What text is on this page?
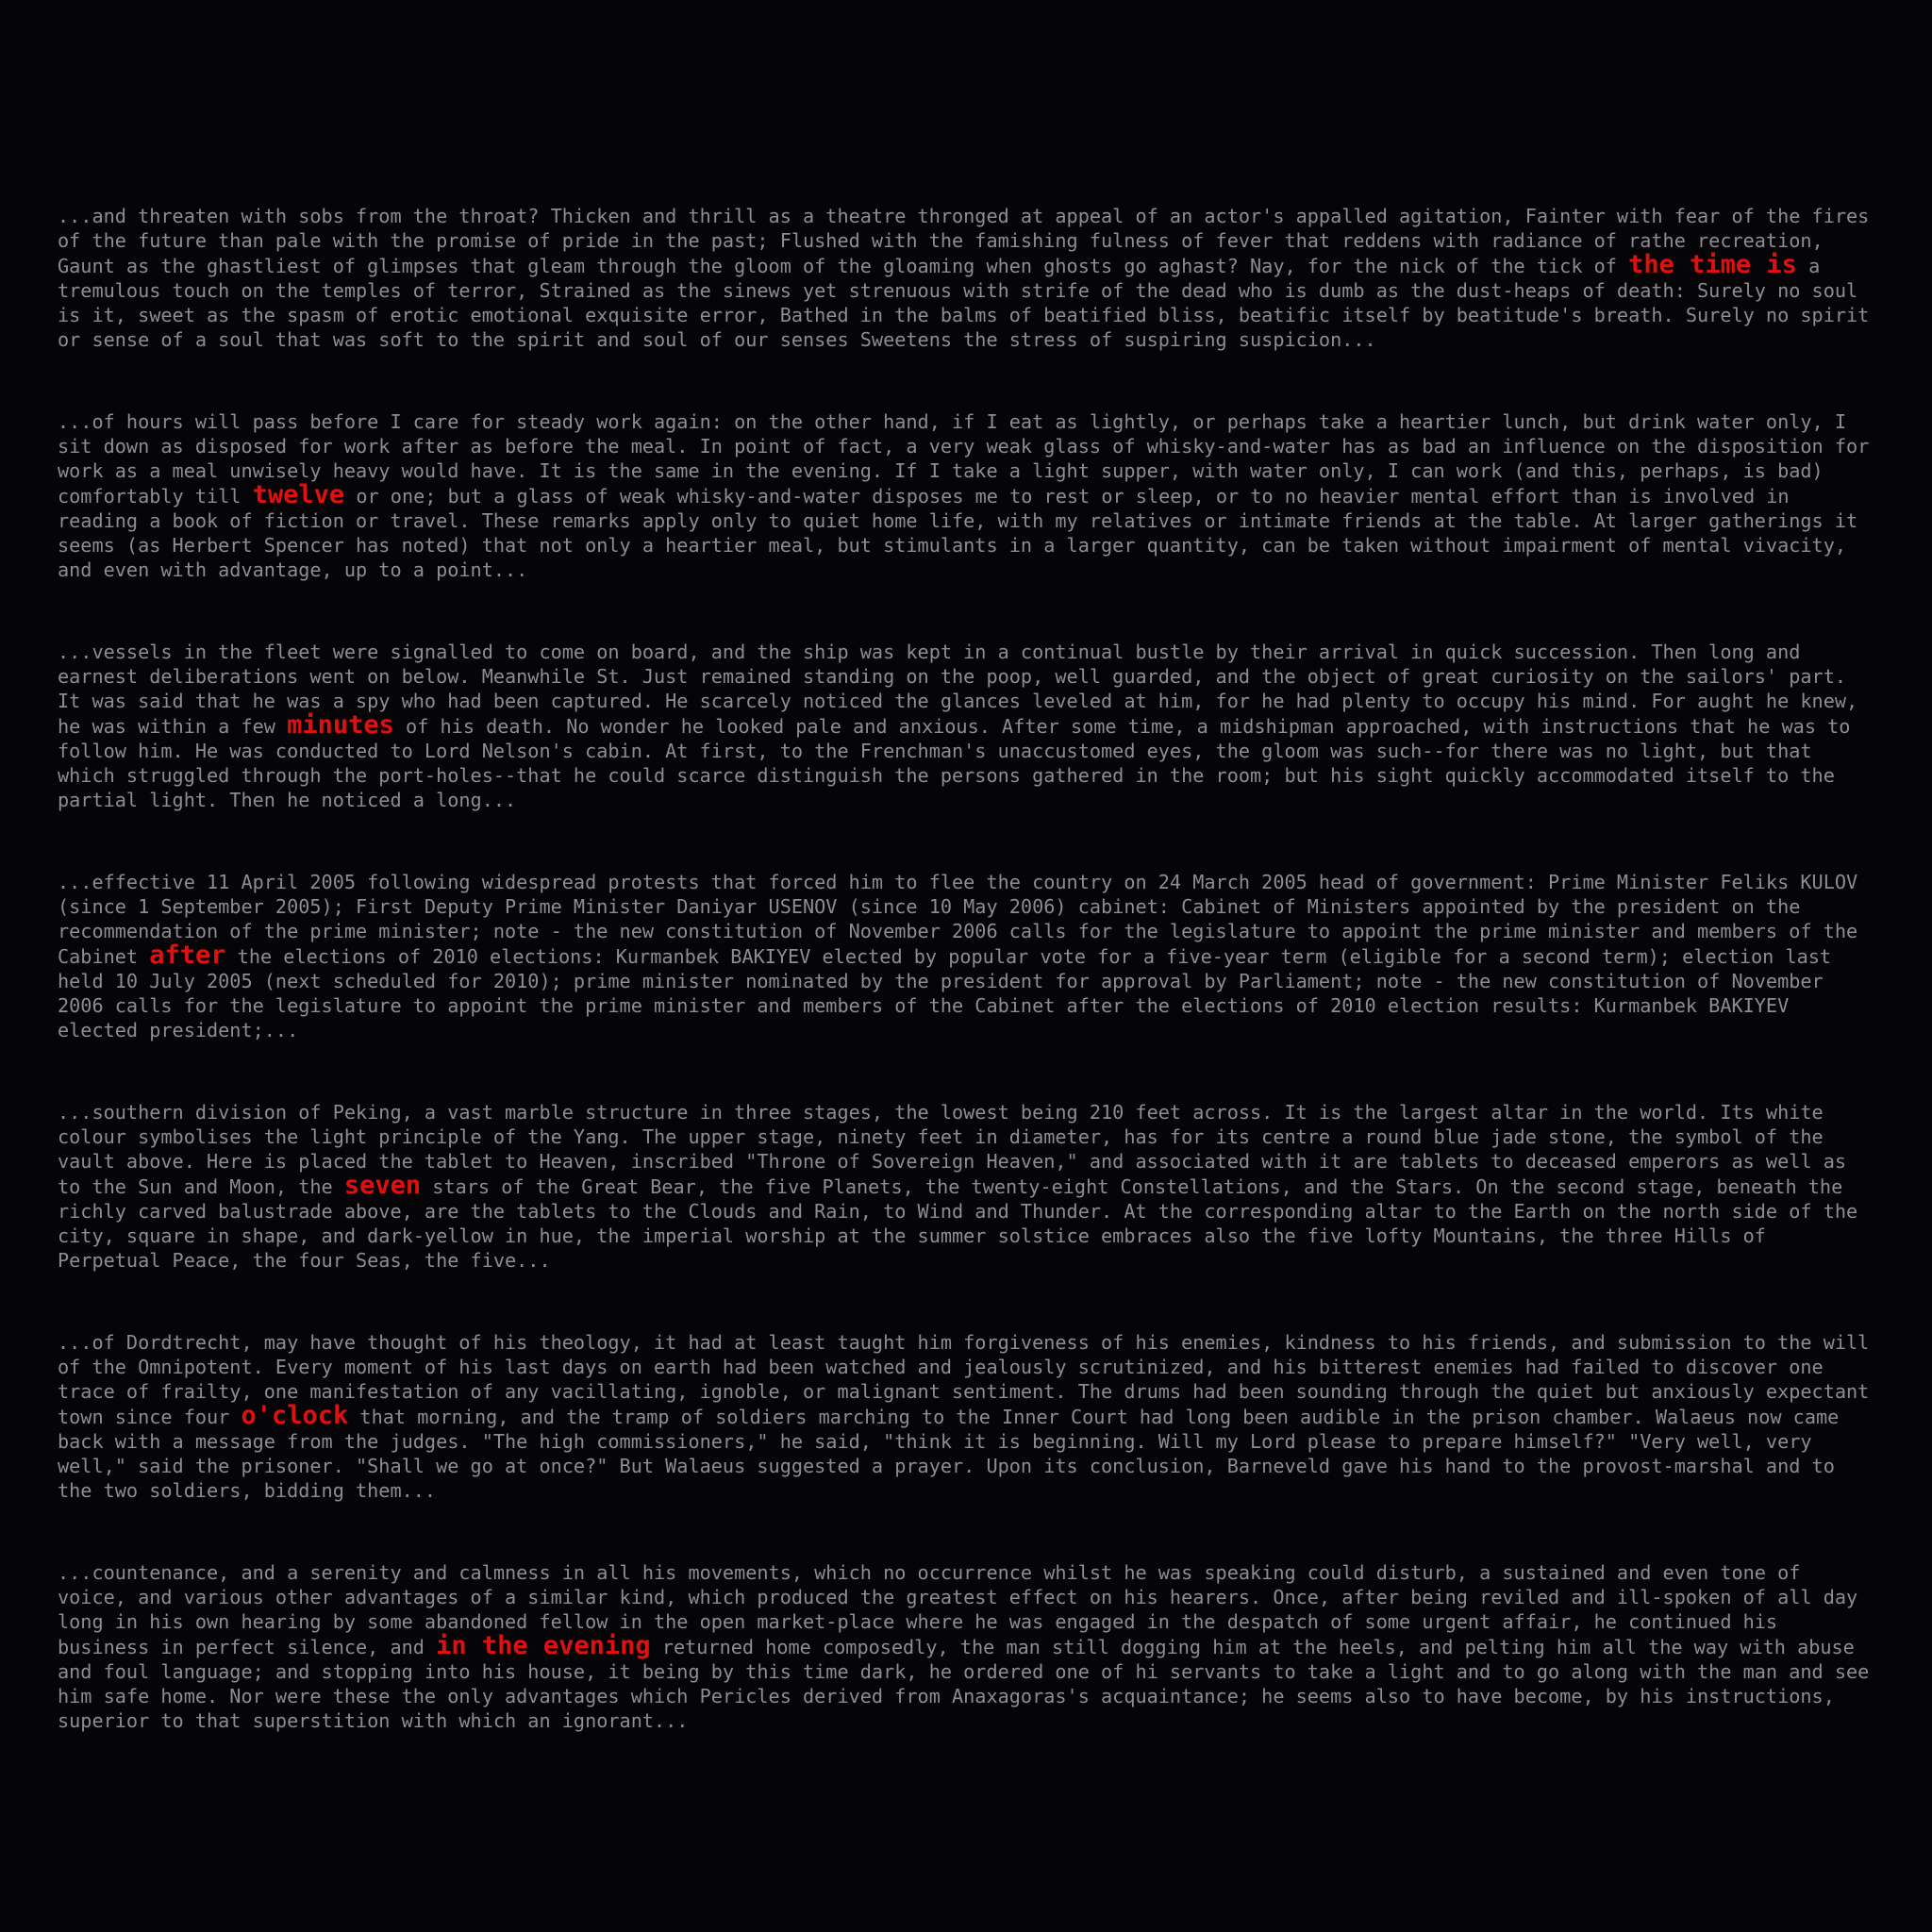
...and threaten with sobs from the throat? Thicken and thrill as a theatre thronged at appeal of an actor's appalled agitation, Fainter with fear of the fires of the future than pale with the promise of pride in the past; Flushed with the famishing fulness of fever that reddens with radiance of rathe recreation, Gaunt as the ghastliest of glimpses that gleam through the gloom of the gloaming when ghosts go aghast? Nay, for the nick of the tick of the time is a tremulous touch on the temples of terror, Strained as the sinews yet strenuous with strife of the dead who is dumb as the dust-heaps of death: Surely no soul is it, sweet as the spasm of erotic emotional exquisite error, Bathed in the balms of beatified bliss, beatific itself by beatitude's breath. Surely no spirit or sense of a soul that was soft to the spirit and soul of our senses Sweetens the stress of suspiring suspicion...

...of hours will pass before I care for steady work again: on the other hand, if I eat as lightly, or perhaps take a heartier lunch, but drink water only, I sit down as disposed for work after as before the meal. In point of fact, a very weak glass of whisky-and-water has as bad an influence on the disposition for work as a meal unwisely heavy would have. It is the same in the evening. If I take a light supper, with water only, I can work (and this, perhaps, is bad) comfortably till twelve or one; but a glass of weak whisky-and-water disposes me to rest or sleep, or to no heavier mental effort than is involved in reading a book of fiction or travel. These remarks apply only to quiet home life, with my relatives or intimate friends at the table. At larger gatherings it seems (as Herbert Spencer has noted) that not only a heartier meal, but stimulants in a larger quantity, can be taken without impairment of mental vivacity, and even with advantage, up to a point...

...vessels in the fleet were signalled to come on board, and the ship was kept in a continual bustle by their arrival in quick succession. Then long and earnest deliberations went on below. Meanwhile St. Just remained standing on the poop, well guarded, and the object of great curiosity on the sailors' part. It was said that he was a spy who had been captured. He scarcely noticed the glances leveled at him, for he had plenty to occupy his mind. For aught he knew, he was within a few minutes of his death. No wonder he looked pale and anxious. After some time, a midshipman approached, with instructions that he was to follow him. He was conducted to Lord Nelson's cabin. At first, to the Frenchman's unaccustomed eyes, the gloom was such--for there was no light, but that which struggled through the port-holes--that he could scarce distinguish the persons gathered in the room; but his sight quickly accommodated itself to the partial light. Then he noticed a long...

...effective 11 April 2005 following widespread protests that forced him to flee the country on 24 March 2005 head of government: Prime Minister Feliks KULOV (since 1 September 2005); First Deputy Prime Minister Daniyar USENOV (since 10 May 2006) cabinet: Cabinet of Ministers appointed by the president on the recommendation of the prime minister; note - the new constitution of November 2006 calls for the legislature to appoint the prime minister and members of the Cabinet after the elections of 2010 elections: Kurmanbek BAKIYEV elected by popular vote for a five-year term (eligible for a second term); election last held 10 July 2005 (next scheduled for 2010); prime minister nominated by the president for approval by Parliament; note - the new constitution of November 2006 calls for the legislature to appoint the prime minister and members of the Cabinet after the elections of 2010 election results: Kurmanbek BAKIYEV elected president;...

...southern division of Peking, a vast marble structure in three stages, the lowest being 210 feet across. It is the largest altar in the world. Its white colour symbolises the light principle of the Yang. The upper stage, ninety feet in diameter, has for its centre a round blue jade stone, the symbol of the vault above. Here is placed the tablet to Heaven, inscribed "Throne of Sovereign Heaven," and associated with it are tablets to deceased emperors as well as to the Sun and Moon, the seven stars of the Great Bear, the five Planets, the twenty-eight Constellations, and the Stars. On the second stage, beneath the richly carved balustrade above, are the tablets to the Clouds and Rain, to Wind and Thunder. At the corresponding altar to the Earth on the north side of the city, square in shape, and dark-yellow in hue, the imperial worship at the summer solstice embraces also the five lofty Mountains, the three Hills of Perpetual Peace, the four Seas, the five...

...of Dordtrecht, may have thought of his theology, it had at least taught him forgiveness of his enemies, kindness to his friends, and submission to the will of the Omnipotent. Every moment of his last days on earth had been watched and jealously scrutinized, and his bitterest enemies had failed to discover one trace of frailty, one manifestation of any vacillating, ignoble, or malignant sentiment. The drums had been sounding through the quiet but anxiously expectant town since four o'clock that morning, and the tramp of soldiers marching to the Inner Court had long been audible in the prison chamber. Walaeus now came back with a message from the judges. "The high commissioners," he said, "think it is beginning. Will my Lord please to prepare himself?" "Very well, very well," said the prisoner. "Shall we go at once?" But Walaeus suggested a prayer. Upon its conclusion, Barneveld gave his hand to the provost-marshal and to the two soldiers, bidding them...

...countenance, and a serenity and calmness in all his movements, which no occurrence whilst he was speaking could disturb, a sustained and even tone of voice, and various other advantages of a similar kind, which produced the greatest effect on his hearers. Once, after being reviled and ill-spoken of all day long in his own hearing by some abandoned fellow in the open market-place where he was engaged in the despatch of some urgent affair, he continued his business in perfect silence, and in the evening returned home composedly, the man still dogging him at the heels, and pelting him all the way with abuse and foul language; and stopping into his house, it being by this time dark, he ordered one of hi servants to take a light and to go along with the man and see him safe home. Nor were these the only advantages which Pericles derived from Anaxagoras's acquaintance; he seems also to have become, by his instructions, superior to that superstition with which an ignorant...
